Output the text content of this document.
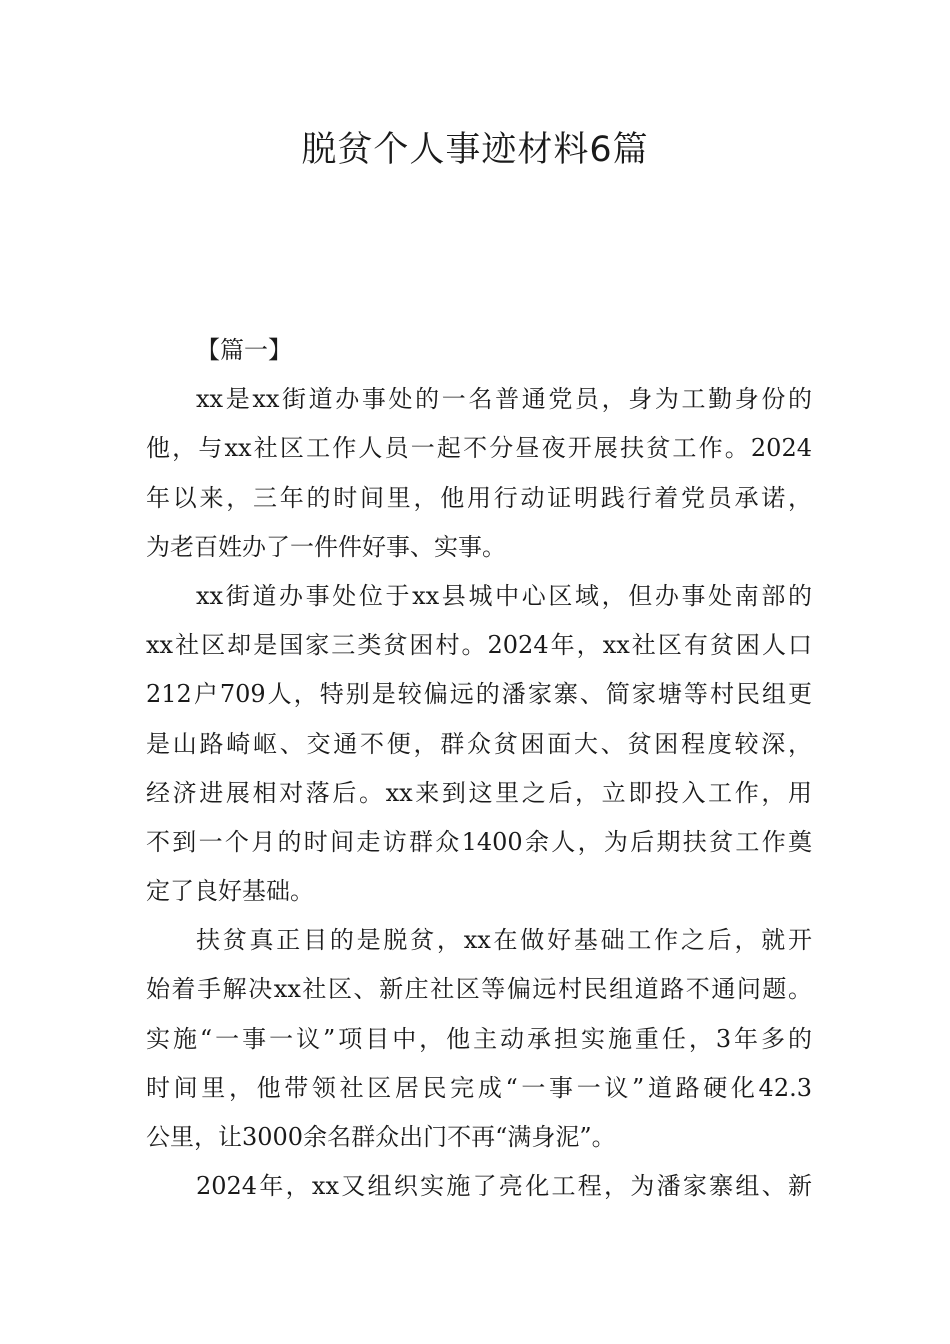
脱贫个人事迹材料6篇
【篇一】
xx是xx街道办事处的一名普通党员，身为工勤身份的
他，与xx社区工作人员一起不分昼夜开展扶贫工作。2024
年以来，三年的时间里，他用行动证明践行着党员承诺，
为老百姓办了一件件好事、实事。
xx街道办事处位于xx县城中心区域，但办事处南部的
xx社区却是国家三类贫困村。2024年，xx社区有贫困人口
212户709人，特别是较偏远的潘家寨、简家塘等村民组更
是山路崎岖、交通不便，群众贫困面大、贫困程度较深，
经济进展相对落后。xx来到这里之后，立即投入工作，用
不到一个月的时间走访群众1400余人，为后期扶贫工作奠
定了良好基础。
扶贫真正目的是脱贫，xx在做好基础工作之后，就开
始着手解决xx社区、新庄社区等偏远村民组道路不通问题。
实施“一事一议”项目中，他主动承担实施重任，3年多的
时间里，他带领社区居民完成“一事一议”道路硬化42.3
公里，让3000余名群众出门不再“满身泥”。
2024年，xx又组织实施了亮化工程，为潘家寨组、新
